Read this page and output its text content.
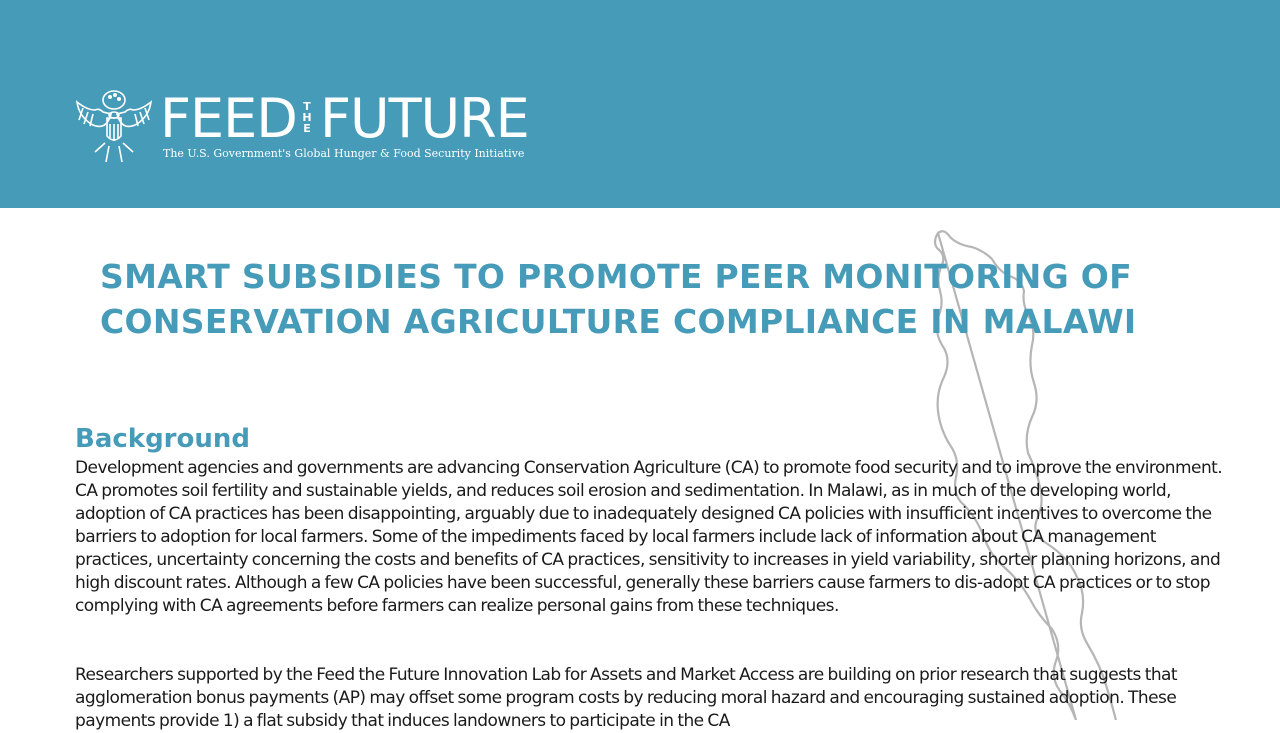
FEED T
H
E FUTURE
The U.S. Government's Global Hunger & Food Security Initiative
SMART SUBSIDIES TO PROMOTE PEER MONITORING OF CONSERVATION AGRICULTURE COMPLIANCE IN MALAWI
Background

Development agencies and governments are advancing Conservation Agriculture (CA) to promote food security and to improve the environment. CA promotes soil fertility and sustainable yields, and reduces soil erosion and sedimentation. In Malawi, as in much of the developing world, adoption of CA practices has been disappointing, arguably due to inadequately designed CA policies with insufficient incentives to overcome the barriers to adoption for local farmers. Some of the impediments faced by local farmers include lack of information about CA management practices, uncertainty concerning the costs and benefits of CA practices, sensitivity to increases in yield variability, shorter planning horizons, and high discount rates. Although a few CA policies have been successful, generally these barriers cause farmers to dis-adopt CA practices or to stop complying with CA agreements before farmers can realize personal gains from these techniques.

Researchers supported by the Feed the Future Innovation Lab for Assets and Market Access are building on prior research that suggests that agglomeration bonus payments (AP) may offset some program costs by reducing moral hazard and encouraging sustained adoption. These payments provide 1) a flat subsidy that induces landowners to participate in the CA
